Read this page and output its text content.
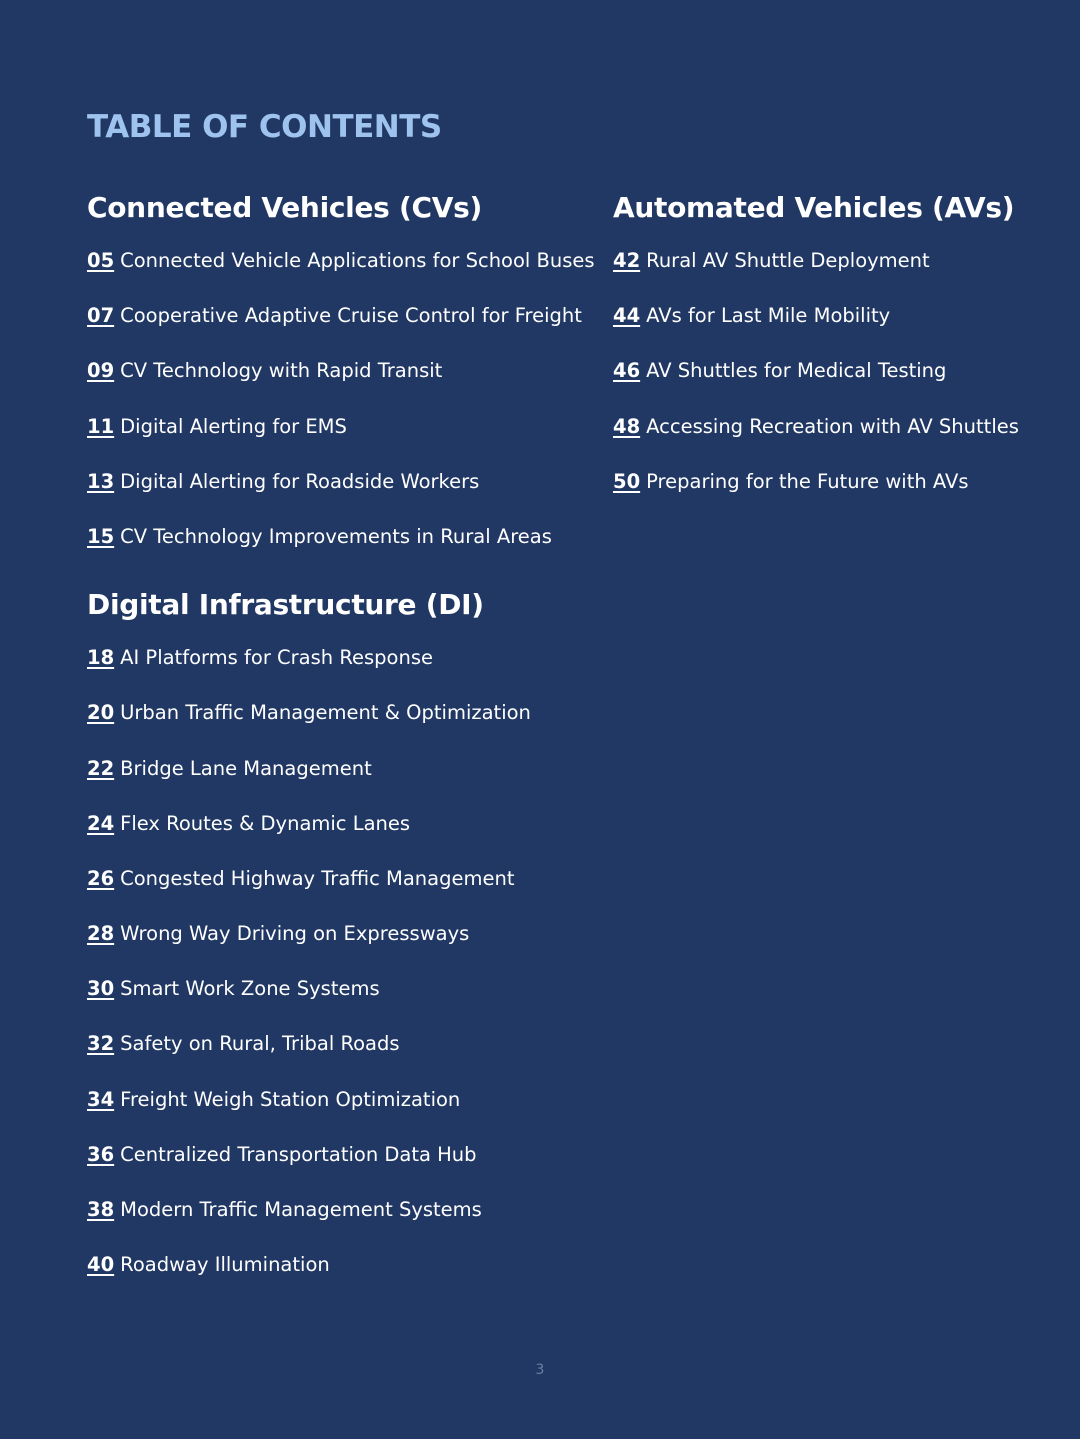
TABLE OF CONTENTS
Connected Vehicles (CVs)
05 Connected Vehicle Applications for School Buses
07 Cooperative Adaptive Cruise Control for Freight
09 CV Technology with Rapid Transit
11 Digital Alerting for EMS
13 Digital Alerting for Roadside Workers
15 CV Technology Improvements in Rural Areas
Digital Infrastructure (DI)
18 AI Platforms for Crash Response
20 Urban Traffic Management & Optimization
22 Bridge Lane Management
24 Flex Routes & Dynamic Lanes
26 Congested Highway Traffic Management
28 Wrong Way Driving on Expressways
30 Smart Work Zone Systems
32 Safety on Rural, Tribal Roads
34 Freight Weigh Station Optimization
36 Centralized Transportation Data Hub
38 Modern Traffic Management Systems
40 Roadway Illumination
Automated Vehicles (AVs)
42 Rural AV Shuttle Deployment
44 AVs for Last Mile Mobility
46 AV Shuttles for Medical Testing
48 Accessing Recreation with AV Shuttles
50 Preparing for the Future with AVs
3
